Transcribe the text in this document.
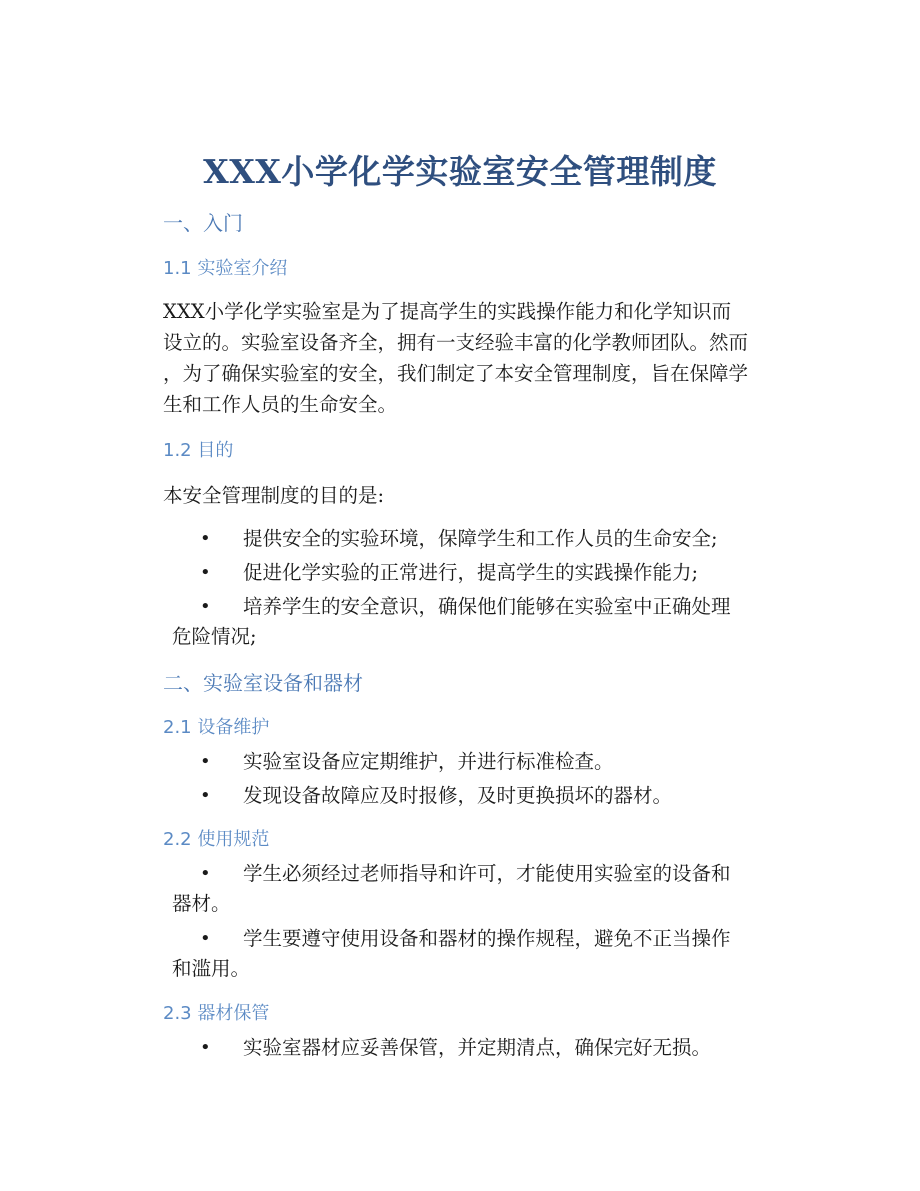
XXX小学化学实验室安全管理制度
一、入门
1.1 实验室介绍
XXX小学化学实验室是为了提高学生的实践操作能力和化学知识而
设立的。实验室设备齐全，拥有一支经验丰富的化学教师团队。然而
，为了确保实验室的安全，我们制定了本安全管理制度，旨在保障学
生和工作人员的生命安全。
1.2 目的
本安全管理制度的目的是:
• 提供安全的实验环境，保障学生和工作人员的生命安全;
• 促进化学实验的正常进行，提高学生的实践操作能力;
• 培养学生的安全意识，确保他们能够在实验室中正确处理
危险情况;
二、实验室设备和器材
2.1 设备维护
• 实验室设备应定期维护，并进行标准检查。
• 发现设备故障应及时报修，及时更换损坏的器材。
2.2 使用规范
• 学生必须经过老师指导和许可，才能使用实验室的设备和
器材。
• 学生要遵守使用设备和器材的操作规程，避免不正当操作
和滥用。
2.3 器材保管
• 实验室器材应妥善保管，并定期清点，确保完好无损。
